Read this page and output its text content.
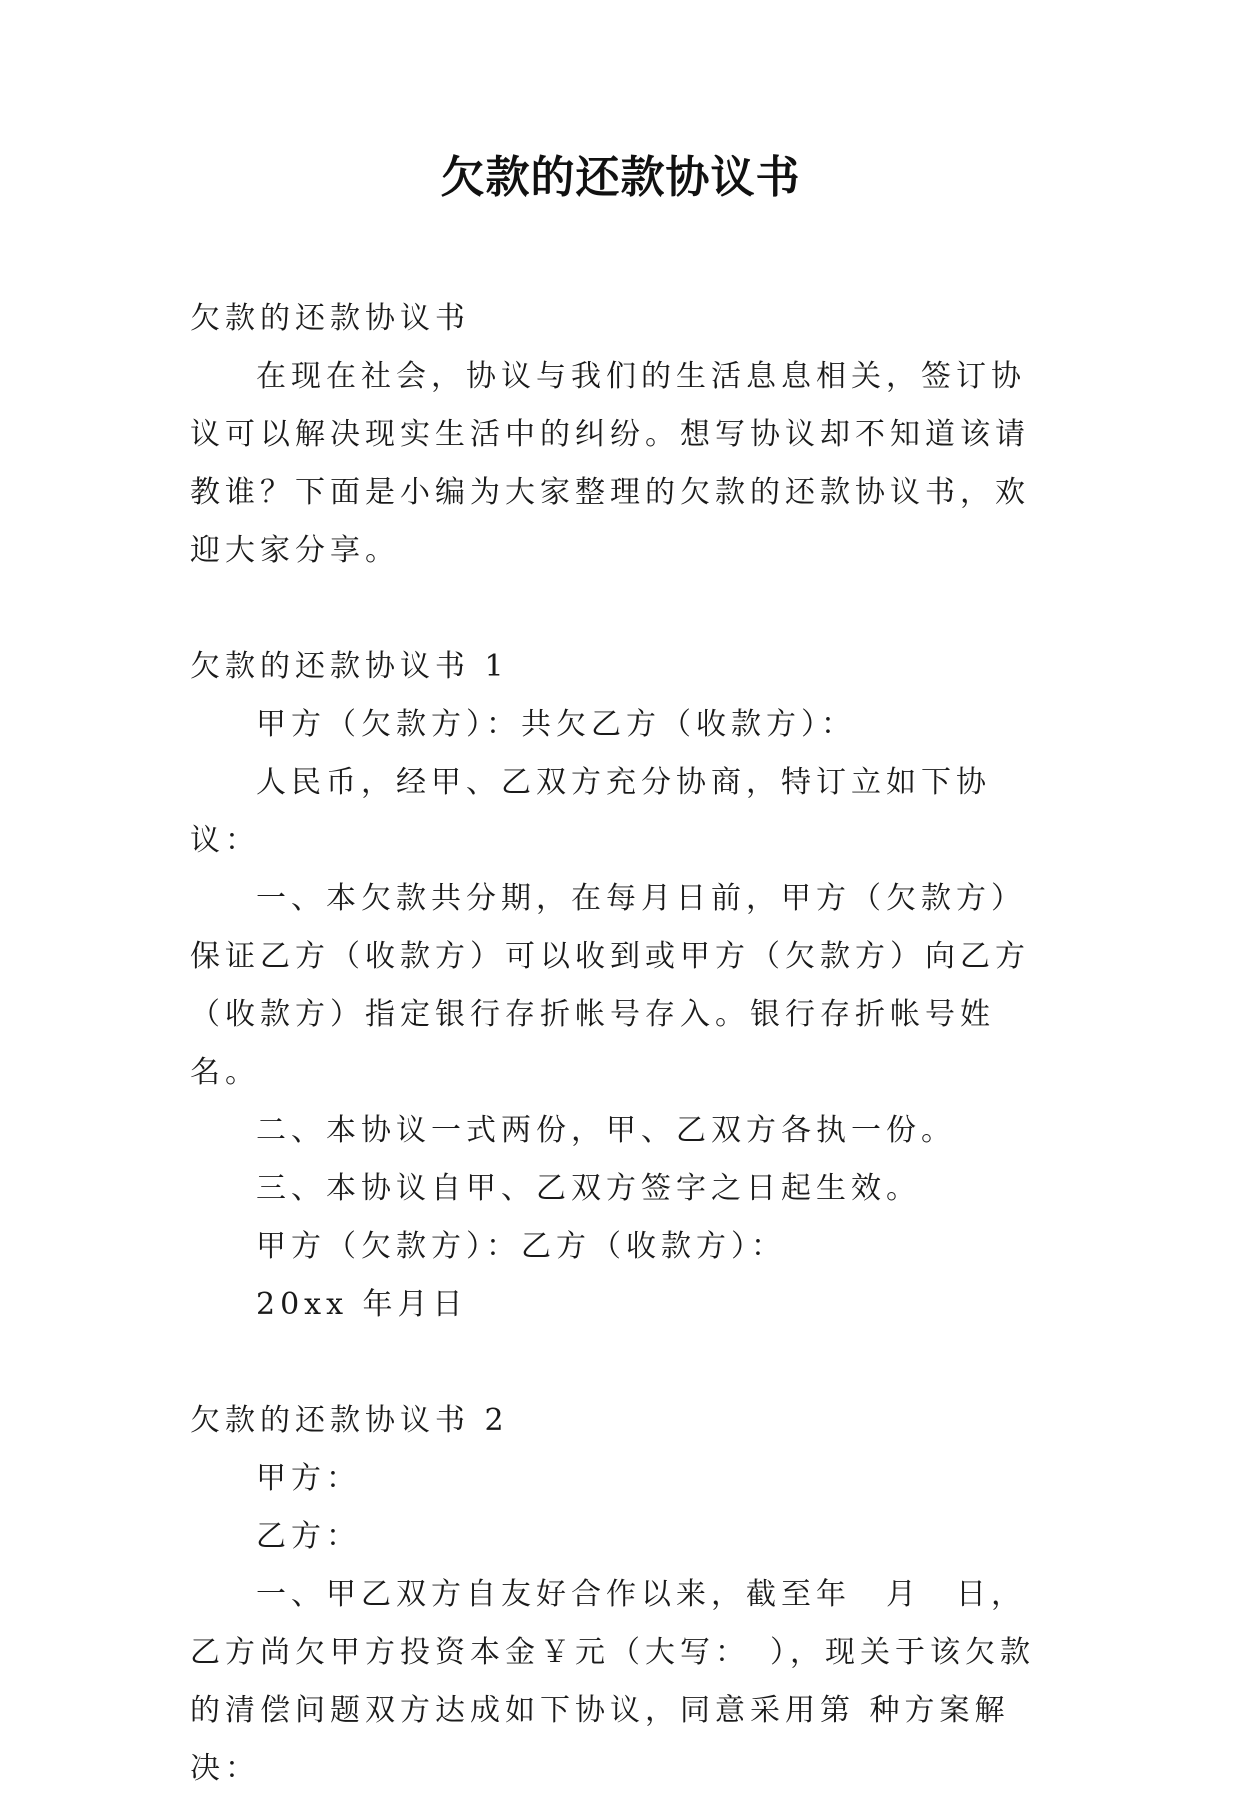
欠款的还款协议书

欠款的还款协议书

在现在社会，协议与我们的生活息息相关，签订协议可以解决现实生活中的纠纷。想写协议却不知道该请教谁？下面是小编为大家整理的欠款的还款协议书，欢迎大家分享。

欠款的还款协议书 1

甲方（欠款方）：共欠乙方（收款方）：

人民币，经甲、乙双方充分协商，特订立如下协议：

一、本欠款共分期，在每月日前，甲方（欠款方）保证乙方（收款方）可以收到或甲方（欠款方）向乙方（收款方）指定银行存折帐号存入。银行存折帐号姓名。

二、本协议一式两份，甲、乙双方各执一份。

三、本协议自甲、乙双方签字之日起生效。

甲方（欠款方）：乙方（收款方）：

20xx 年月日

欠款的还款协议书 2

甲方：

乙方：

一、甲乙双方自友好合作以来，截至年　月　日，乙方尚欠甲方投资本金￥元（大写：　），现关于该欠款的清偿问题双方达成如下协议，同意采用第 种方案解决：
